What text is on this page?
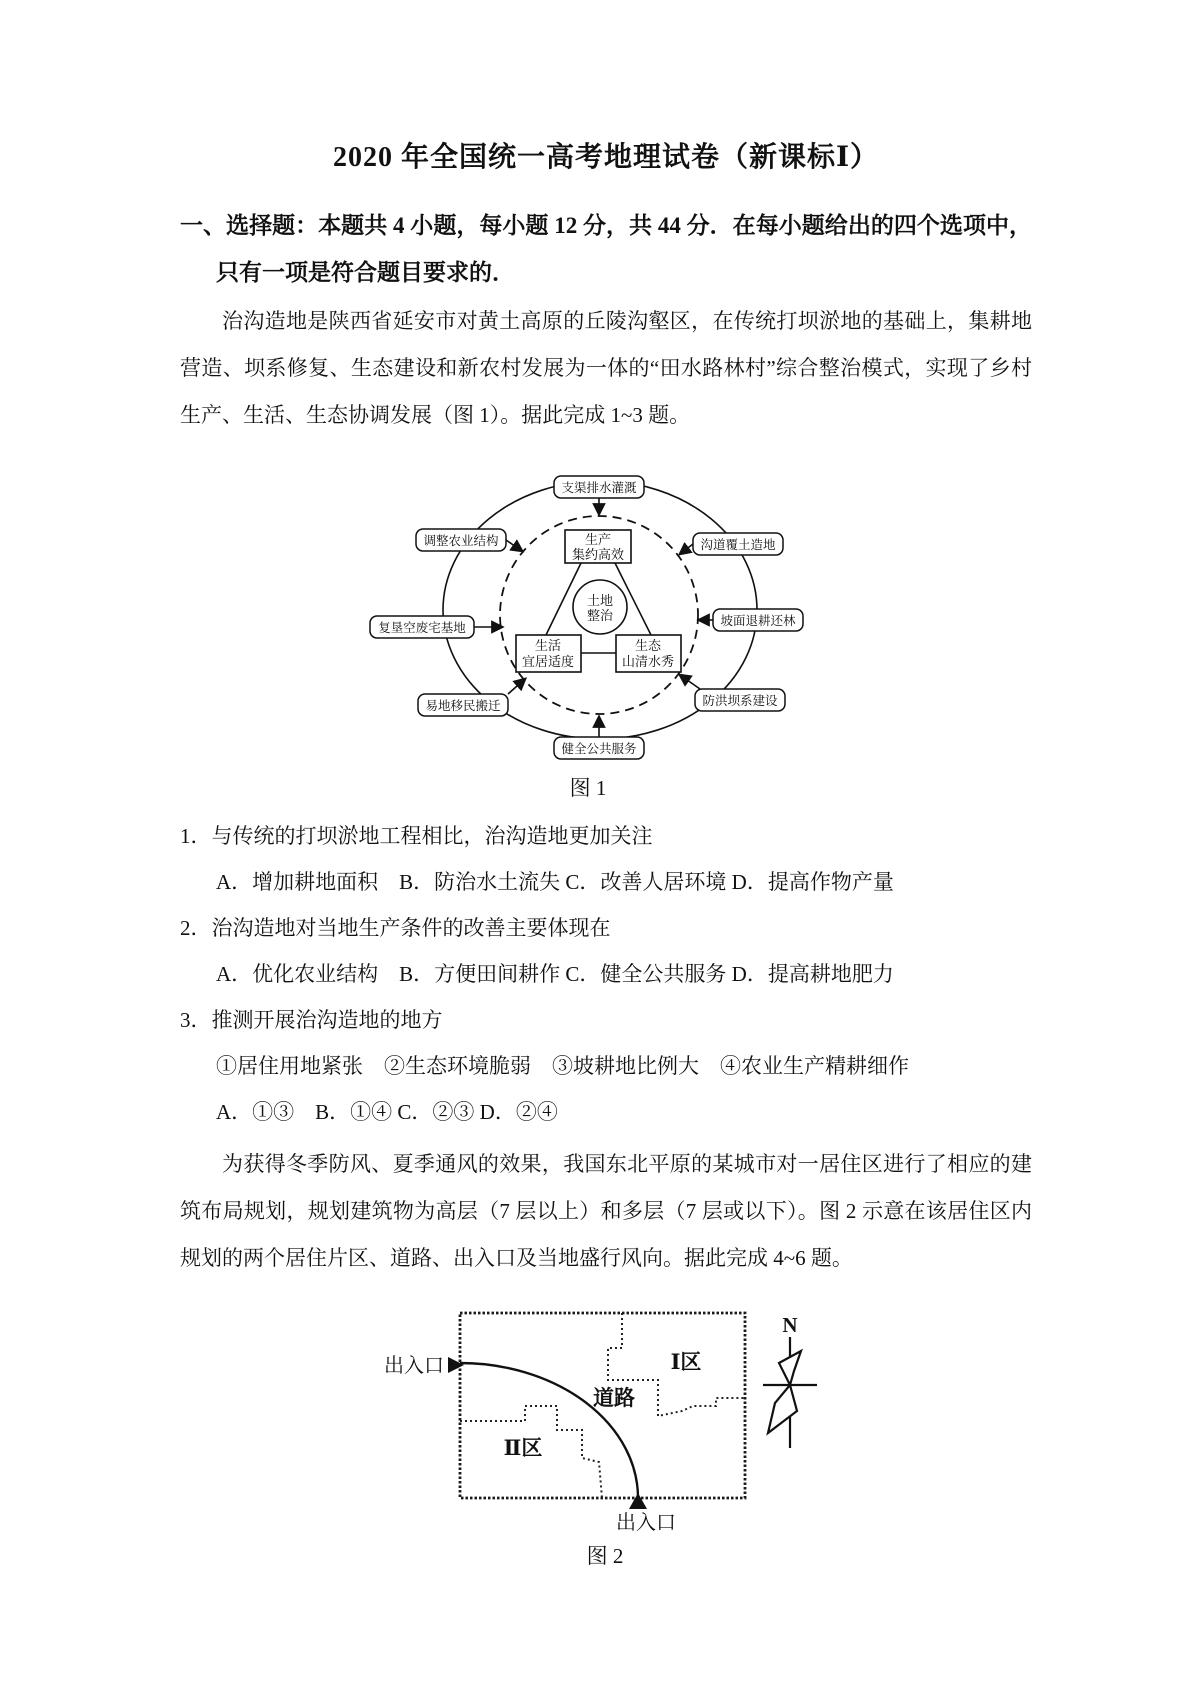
2020 年全国统一高考地理试卷（新课标Ⅰ）
一、选择题：本题共 4 小题，每小题 12 分，共 44 分．在每小题给出的四个选项中，只有一项是符合题目要求的．

治沟造地是陕西省延安市对黄土高原的丘陵沟壑区，在传统打坝淤地的基础上，集耕地营造、坝系修复、生态建设和新农村发展为一体的“田水路林村”综合整治模式，实现了乡村生产、生活、生态协调发展（图 1）。据此完成 1~3 题。

生产
集约高效
生活
宜居适度
生态
山清水秀
土地
整治
支渠排水灌溉
调整农业结构	沟道覆土造地
复垦空废宅基地	坡面退耕还林
易地移民搬迁	防洪坝系建设
健全公共服务
图 1
1．与传统的打坝淤地工程相比，治沟造地更加关注
A．增加耕地面积　B．防治水土流失 C．改善人居环境 D．提高作物产量
2．治沟造地对当地生产条件的改善主要体现在
A．优化农业结构　B．方便田间耕作 C．健全公共服务 D．提高耕地肥力
3．推测开展治沟造地的地方
①居住用地紧张　②生态环境脆弱　③坡耕地比例大　④农业生产精耕细作
A．①③　B．①④ C．②③ D．②④

为获得冬季防风、夏季通风的效果，我国东北平原的某城市对一居住区进行了相应的建筑布局规划，规划建筑物为高层（7 层以上）和多层（7 层或以下）。图 2 示意在该居住区内规划的两个居住片区、道路、出入口及当地盛行风向。据此完成 4~6 题。

Ⅰ区
Ⅱ区
道路
出入口
出入口
N
图 2
